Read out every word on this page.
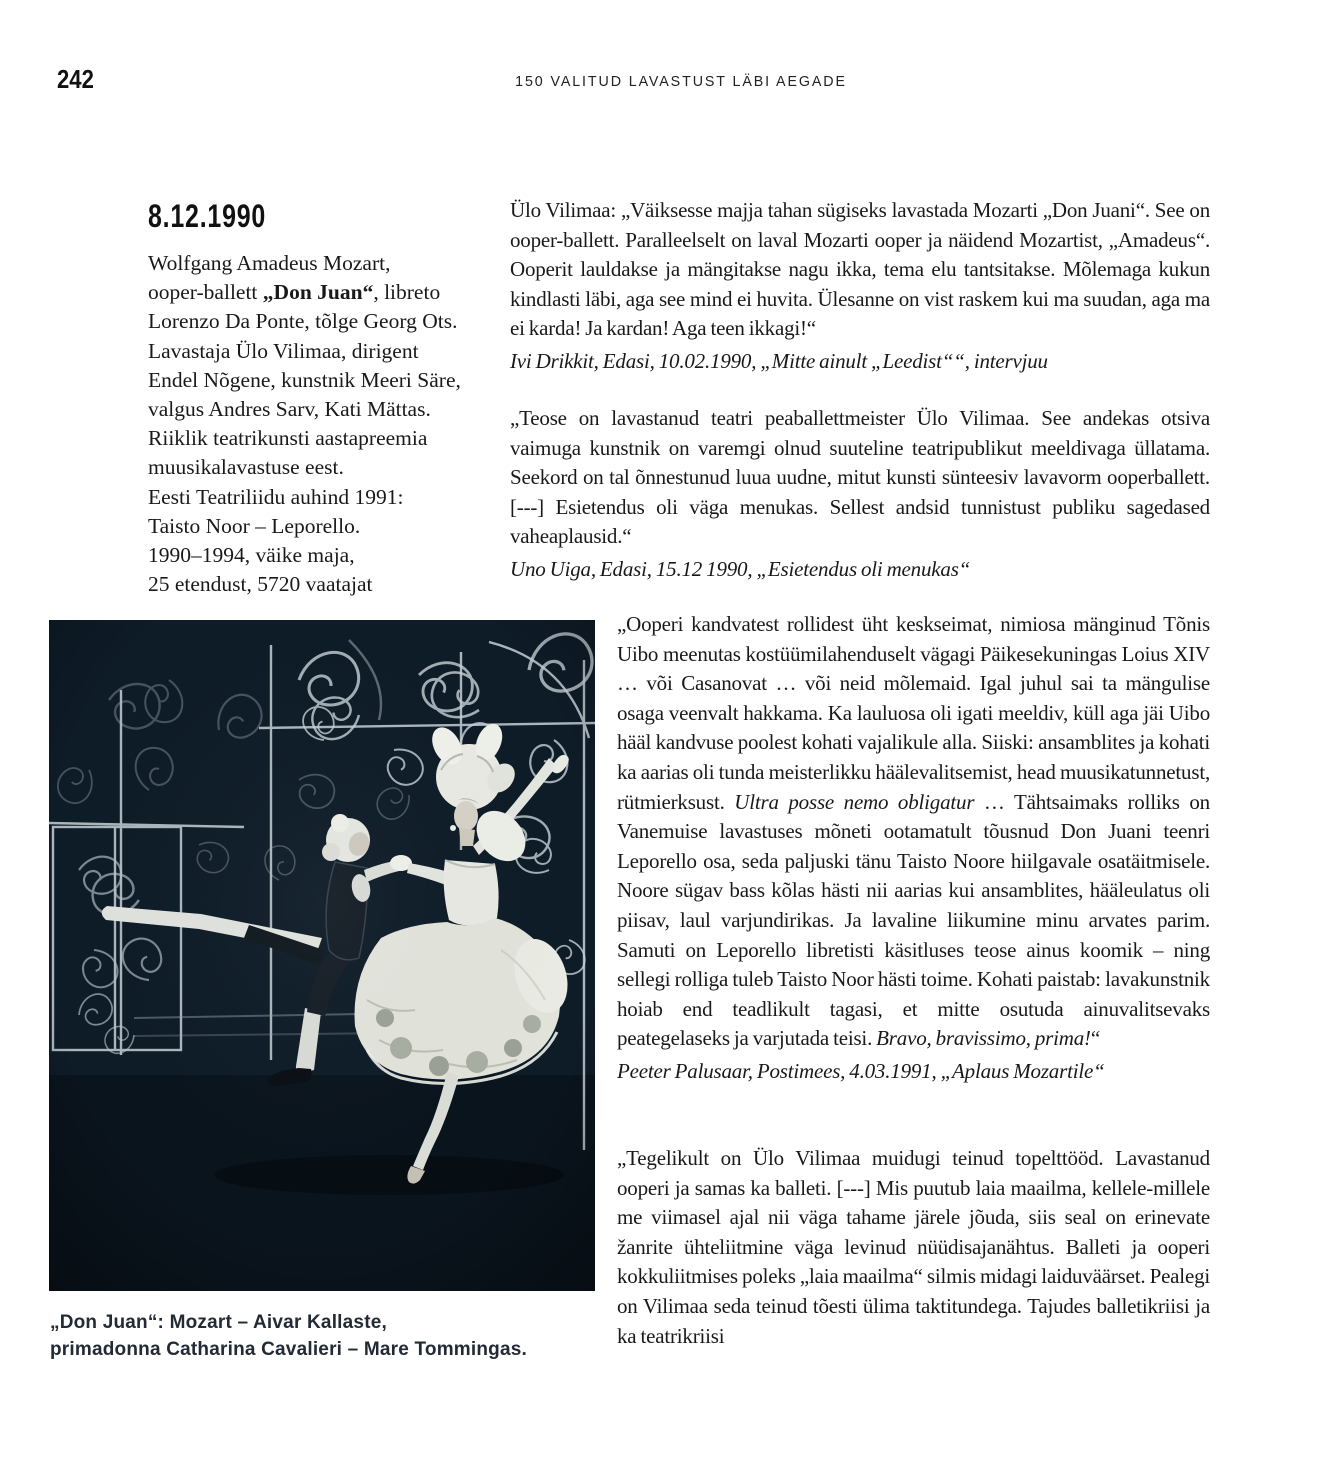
242	150 VALITUD LAVASTUST LÄBI AEGADE
8.12.1990
Wolfgang Amadeus Mozart,
ooper-ballett „Don Juan“, libreto
Lorenzo Da Ponte, tõlge Georg Ots.
Lavastaja Ülo Vilimaa, dirigent
Endel Nõgene, kunstnik Meeri Säre,
valgus Andres Sarv, Kati Mättas.
Riiklik teatrikunsti aastapreemia
muusikalavastuse eest.
Eesti Teatriliidu auhind 1991:
Taisto Noor – Leporello.
1990–1994, väike maja,
25 etendust, 5720 vaatajat

Ülo Vilimaa: „Väiksesse majja tahan sügiseks lavastada Mozarti „Don Juani“. See on ooper-ballett. Paralleelselt on laval Mozarti ooper ja näidend Mozartist, „Amadeus“. Ooperit lauldakse ja mängitakse nagu ikka, tema elu tantsitakse. Mõlemaga kukun kindlasti läbi, aga see mind ei huvita. Ülesanne on vist raskem kui ma suudan, aga ma ei karda! Ja kardan! Aga teen ikkagi!“

Ivi Drikkit, Edasi, 10.02.1990, „Mitte ainult „Leedist““, intervjuu

„Teose on lavastanud teatri peaballettmeister Ülo Vilimaa. See andekas otsiva vaimuga kunstnik on varemgi olnud suuteline teatripublikut meeldivaga üllatama. Seekord on tal õnnestunud luua uudne, mitut kunsti sünteesiv lavavorm ooperballett. [---] Esietendus oli väga menukas. Sellest andsid tunnistust publiku sagedased vaheaplausid.“

Uno Uiga, Edasi, 15.12 1990, „Esietendus oli menukas“

„Ooperi kandvatest rollidest üht keskseimat, nimiosa mänginud Tõnis Uibo meenutas kostüümilahenduselt vägagi Päikesekuningas Loius XIV … või Casanovat … või neid mõlemaid. Igal juhul sai ta mängulise osaga veenvalt hakkama. Ka lauluosa oli igati meeldiv, küll aga jäi Uibo hääl kandvuse poolest kohati vajalikule alla. Siiski: ansamblites ja kohati ka aarias oli tunda meisterlikku häälevalitsemist, head muusikatunnetust, rütmierksust. Ultra posse nemo obligatur … Tähtsaimaks rolliks on Vanemuise lavastuses mõneti ootamatult tõusnud Don Juani teenri Leporello osa, seda paljuski tänu Taisto Noore hiilgavale osatäitmisele. Noore sügav bass kõlas hästi nii aarias kui ansamblites, hääleulatus oli piisav, laul varjundirikas. Ja lavaline liikumine minu arvates parim. Samuti on Leporello libretisti käsitluses teose ainus koomik – ning sellegi rolliga tuleb Taisto Noor hästi toime. Kohati paistab: lavakunstnik hoiab end teadlikult tagasi, et mitte osutuda ainuvalitsevaks peategelaseks ja varjutada teisi. Bravo, bravissimo, prima!“

Peeter Palusaar, Postimees, 4.03.1991, „Aplaus Mozartile“

„Tegelikult on Ülo Vilimaa muidugi teinud topelttööd. Lavastanud ooperi ja samas ka balleti. [---] Mis puutub laia maailma, kellele-millele me viimasel ajal nii väga tahame järele jõuda, siis seal on erinevate žanrite ühteliitmine väga levinud nüüdisajanähtus. Balleti ja ooperi kokkuliitmises poleks „laia maailma“ silmis midagi laiduväärset. Pealegi on Vilimaa seda teinud tõesti ülima taktitundega. Tajudes balletikriisi ja ka teatrikriisi

„Don Juan“: Mozart – Aivar Kallaste,
primadonna Catharina Cavalieri – Mare Tommingas.
